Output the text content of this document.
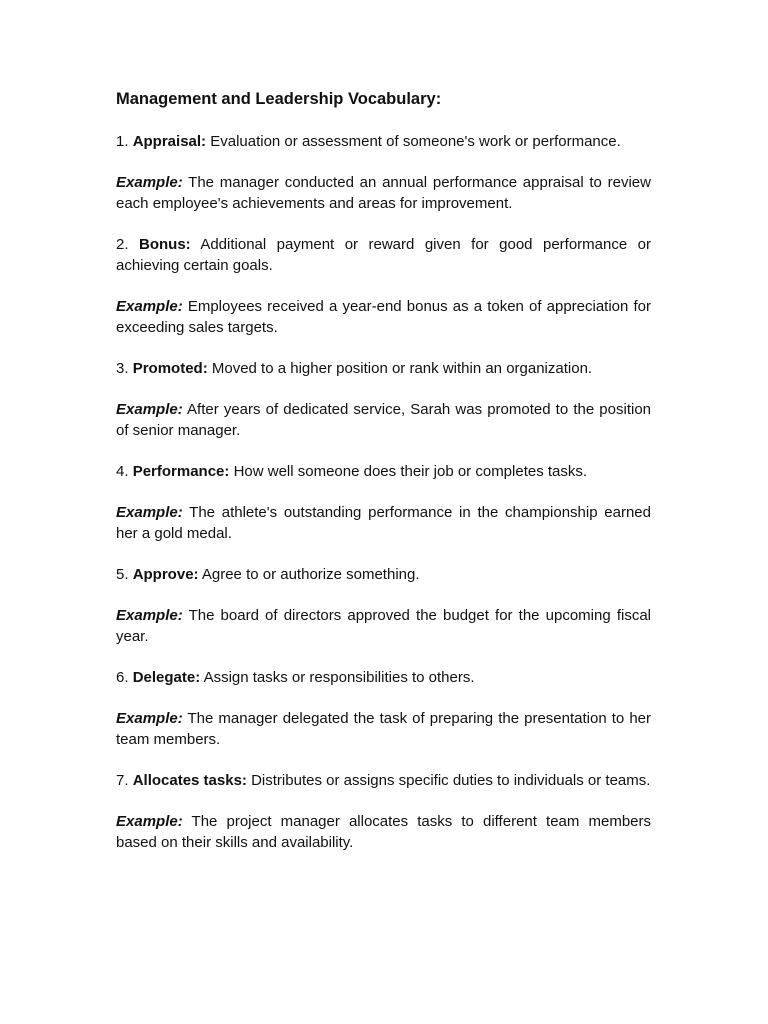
Management and Leadership Vocabulary:
1. Appraisal: Evaluation or assessment of someone's work or performance.
Example: The manager conducted an annual performance appraisal to review each employee's achievements and areas for improvement.
2. Bonus: Additional payment or reward given for good performance or achieving certain goals.
Example: Employees received a year-end bonus as a token of appreciation for exceeding sales targets.
3. Promoted: Moved to a higher position or rank within an organization.
Example: After years of dedicated service, Sarah was promoted to the position of senior manager.
4. Performance: How well someone does their job or completes tasks.
Example: The athlete's outstanding performance in the championship earned her a gold medal.
5. Approve: Agree to or authorize something.
Example: The board of directors approved the budget for the upcoming fiscal year.
6. Delegate: Assign tasks or responsibilities to others.
Example: The manager delegated the task of preparing the presentation to her team members.
7. Allocates tasks: Distributes or assigns specific duties to individuals or teams.
Example: The project manager allocates tasks to different team members based on their skills and availability.
